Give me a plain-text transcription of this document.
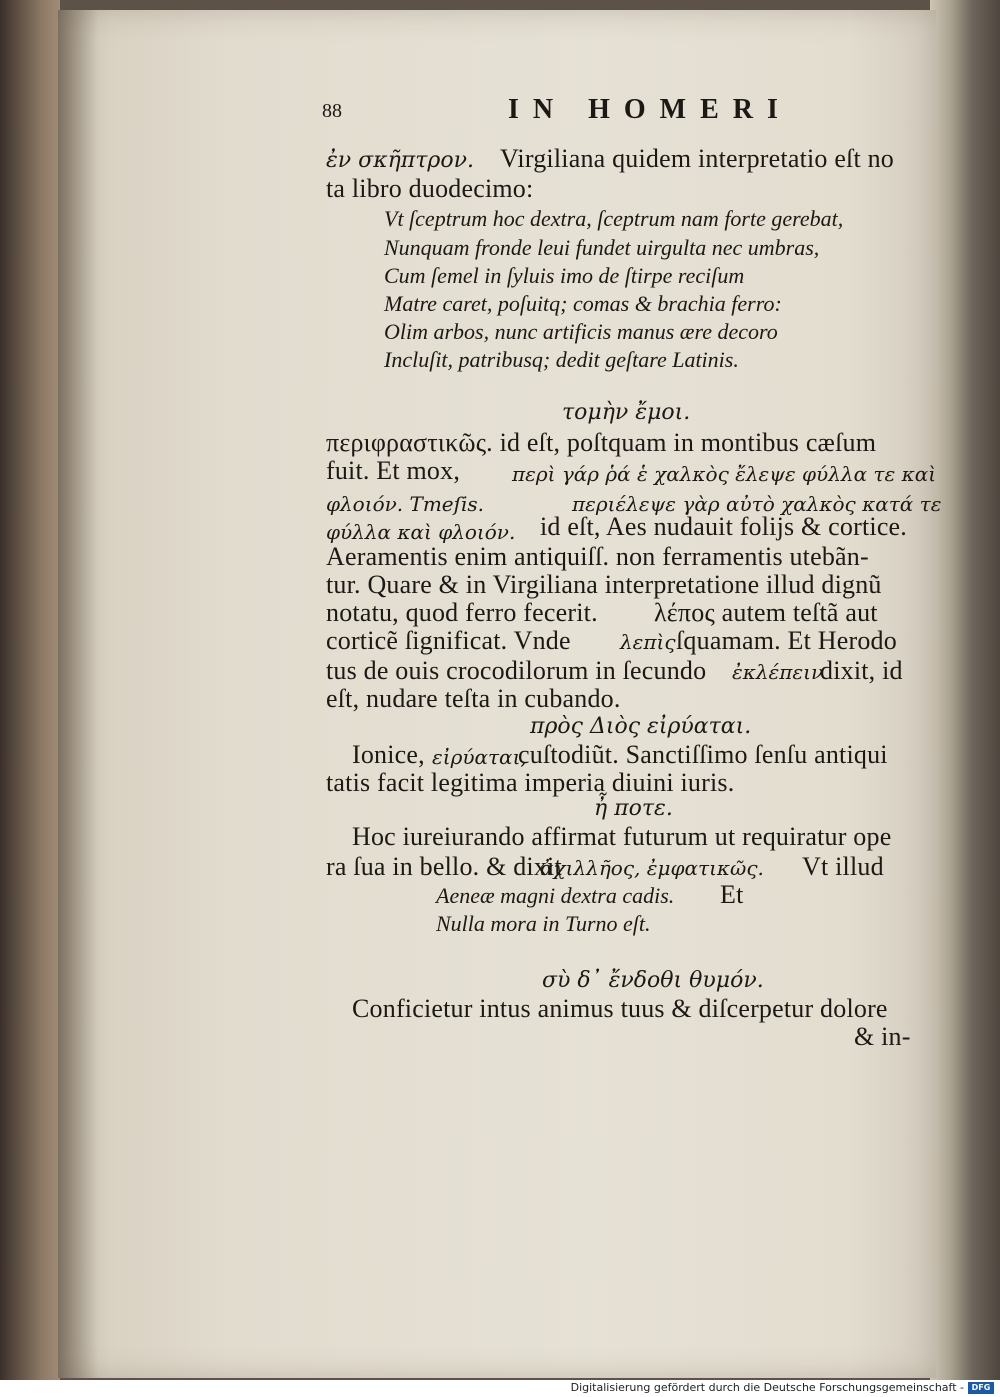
88	IN HOMERI
ἐν σκῆπτρον. Virgiliana quidem interpretatio eſt no
ta libro duodecimo:
Vt ſceptrum hoc dextra, ſceptrum nam forte gerebat,
Nunquam fronde leui fundet uirgulta nec umbras,
Cum ſemel in ſyluis imo de ſtirpe reciſum
Matre caret, poſuitq; comas & brachia ferro:
Olim arbos, nunc artificis manus ære decoro
Incluſit, patribusq; dedit geſtare Latinis.
τομὴν ἔμοι.
περιφραστικῶς. id eſt, poſtquam in montibus cæſum
fuit. Et mox,	περὶ γάρ ῥά ἑ χαλκὸς ἔλεψε φύλλα τε καὶ
φλοιόν. Tmeſis.	περιέλεψε γὰρ αὐτὸ χαλκὸς κατά τε
φύλλα καὶ φλοιόν. id eſt, Aes nudauit folijs & cortice.
Aeramentis enim antiquiſſ. non ferramentis utebãn-
tur. Quare & in Virgiliana interpretatione illud dignũ
notatu, quod ferro fecerit. λέπος autem teſtã aut
corticẽ ſignificat. Vnde λεπὶς ſquamam. Et Herodo
tus de ouis crocodilorum in ſecundo ἐκλέπειν
dixit, id
eſt, nudare teſta in cubando.
πρὸς Διὸς εἰρύαται.
Ionice, εἰρύαται,
cuſtodiũt. Sanctiſſimo ſenſu antiqui
tatis facit legitima imperia diuini iuris.
ἦ ποτε.
Hoc iureiurando affirmat futurum ut requiratur ope
ra ſua in bello. & dixit
ἀχιλλῆος, ἐμφατικῶς. Vt illud
Aeneæ magni dextra cadis. Et
Nulla mora in Turno eſt.
σὺ δ᾽ ἔνδοθι θυμόν.
Conficietur intus animus tuus & diſcerpetur dolore
& in-
Digitalisierung gefördert durch die Deutsche Forschungsgemeinschaft - DFG
